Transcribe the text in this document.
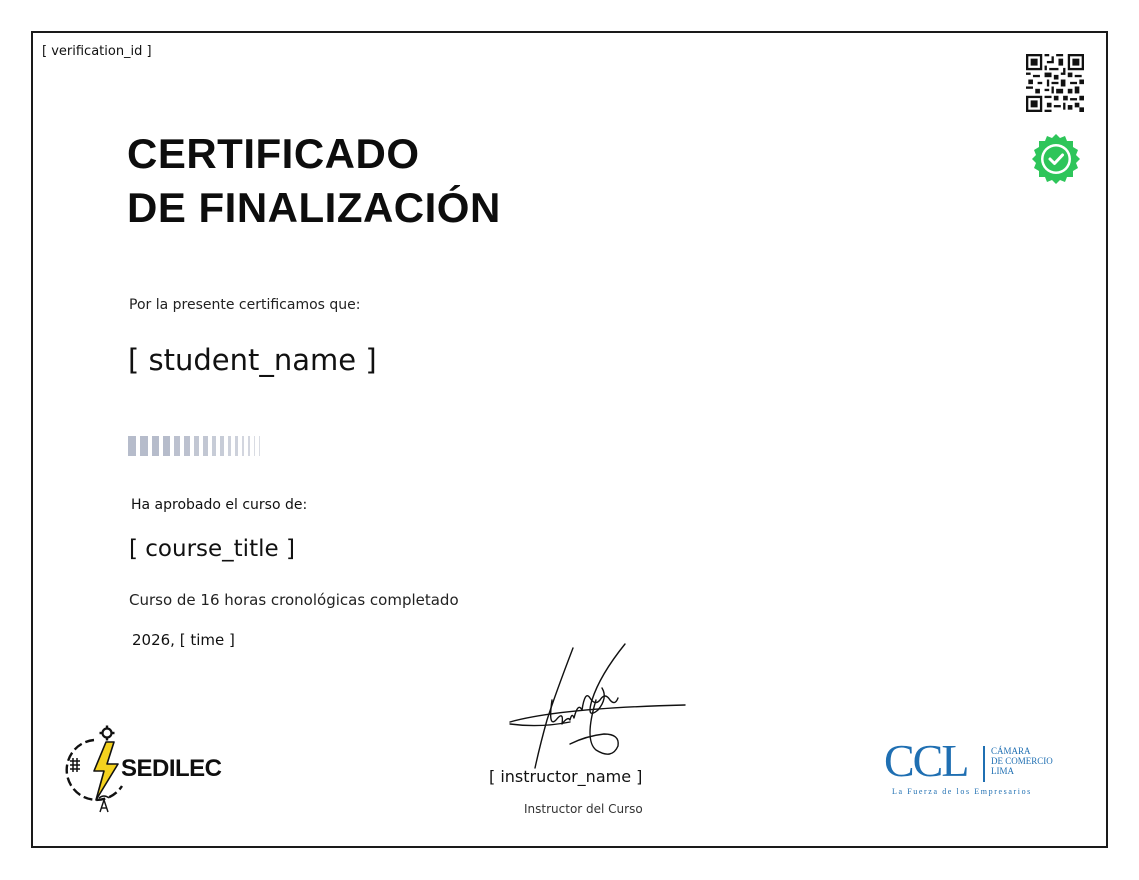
[ verification_id ]
CERTIFICADO
DE FINALIZACIÓN
Por la presente certificamos que:
[ student_name ]
Ha aprobado el curso de:
[ course_title ]
Curso de 16 horas cronológicas completado
2026, [ time ]
SEDILEC	[ instructor_name ]
Instructor del Curso
CCL	CÁMARA
DE COMERCIO
LIMA
La Fuerza de los Empresarios
